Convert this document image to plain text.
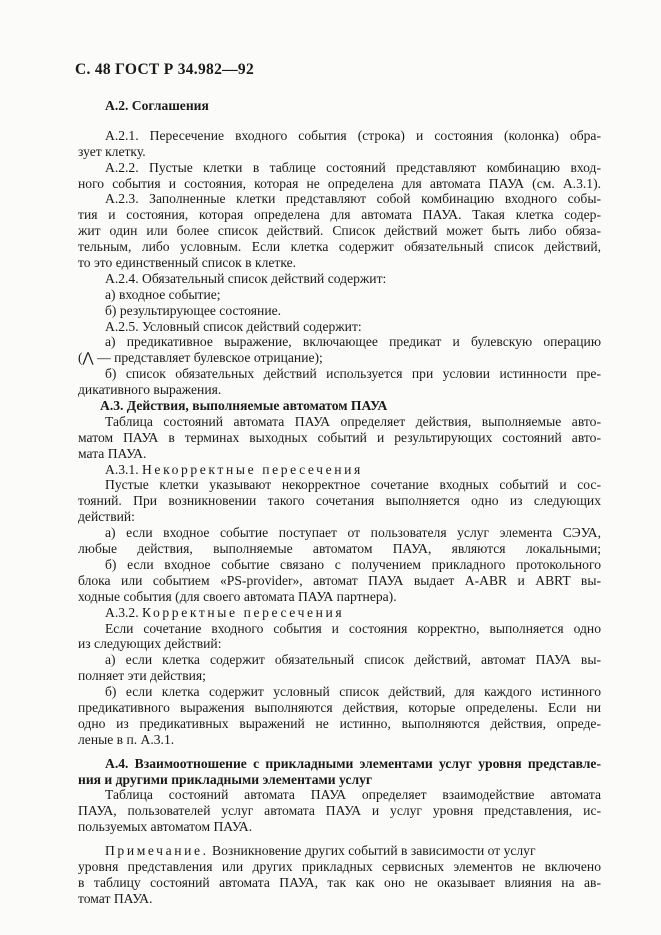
С. 48 ГОСТ Р 34.982—92
А.2. Соглашения
А.2.1. Пересечение входного события (строка) и состояния (колонка) обра-
зует клетку.
А.2.2. Пустые клетки в таблице состояний представляют комбинацию вход-
ного события и состояния, которая не определена для автомата ПАУА (см. А.3.1).
А.2.3. Заполненные клетки представляют собой комбинацию входного собы-
тия и состояния, которая определена для автомата ПАУА. Такая клетка содер-
жит один или более список действий. Список действий может быть либо обяза-
тельным, либо условным. Если клетка содержит обязательный список действий,
то это единственный список в клетке.
А.2.4. Обязательный список действий содержит:
а) входное событие;
б) результирующее состояние.
А.2.5. Условный список действий содержит:
а) предикативное выражение, включающее предикат и булевскую операцию
(⋀ — представляет булевское отрицание);
б) список обязательных действий используется при условии истинности пре-
дикативного выражения.
А.3. Действия, выполняемые автоматом ПАУА
Таблица состояний автомата ПАУА определяет действия, выполняемые авто-
матом ПАУА в терминах выходных событий и результирующих состояний авто-
мата ПАУА.
А.3.1. Некорректные пересечения
Пустые клетки указывают некорректное сочетание входных событий и сос-
тояний. При возникновении такого сочетания выполняется одно из следующих
действий:
а) если входное событие поступает от пользователя услуг элемента СЭУА,
любые действия, выполняемые автоматом ПАУА, являются локальными;
б) если входное событие связано с получением прикладного протокольного
блока или событием «PS-provider», автомат ПАУА выдает A-ABR и ABRT вы-
ходные события (для своего автомата ПАУА партнера).
А.3.2. Корректные пересечения
Если сочетание входного события и состояния корректно, выполняется одно
из следующих действий:
а) если клетка содержит обязательный список действий, автомат ПАУА вы-
полняет эти действия;
б) если клетка содержит условный список действий, для каждого истинного
предикативного выражения выполняются действия, которые определены. Если ни
одно из предикативных выражений не истинно, выполняются действия, опреде-
леные в п. А.3.1.
А.4. Взаимоотношение с прикладными элементами услуг уровня представле-
ния и другими прикладными элементами услуг
Таблица состояний автомата ПАУА определяет взаимодействие автомата
ПАУА, пользователей услуг автомата ПАУА и услуг уровня представления, ис-
пользуемых автоматом ПАУА.
Примечание. Возникновение других событий в зависимости от услуг
уровня представления или других прикладных сервисных элементов не включено
в таблицу состояний автомата ПАУА, так как оно не оказывает влияния на ав-
томат ПАУА.
